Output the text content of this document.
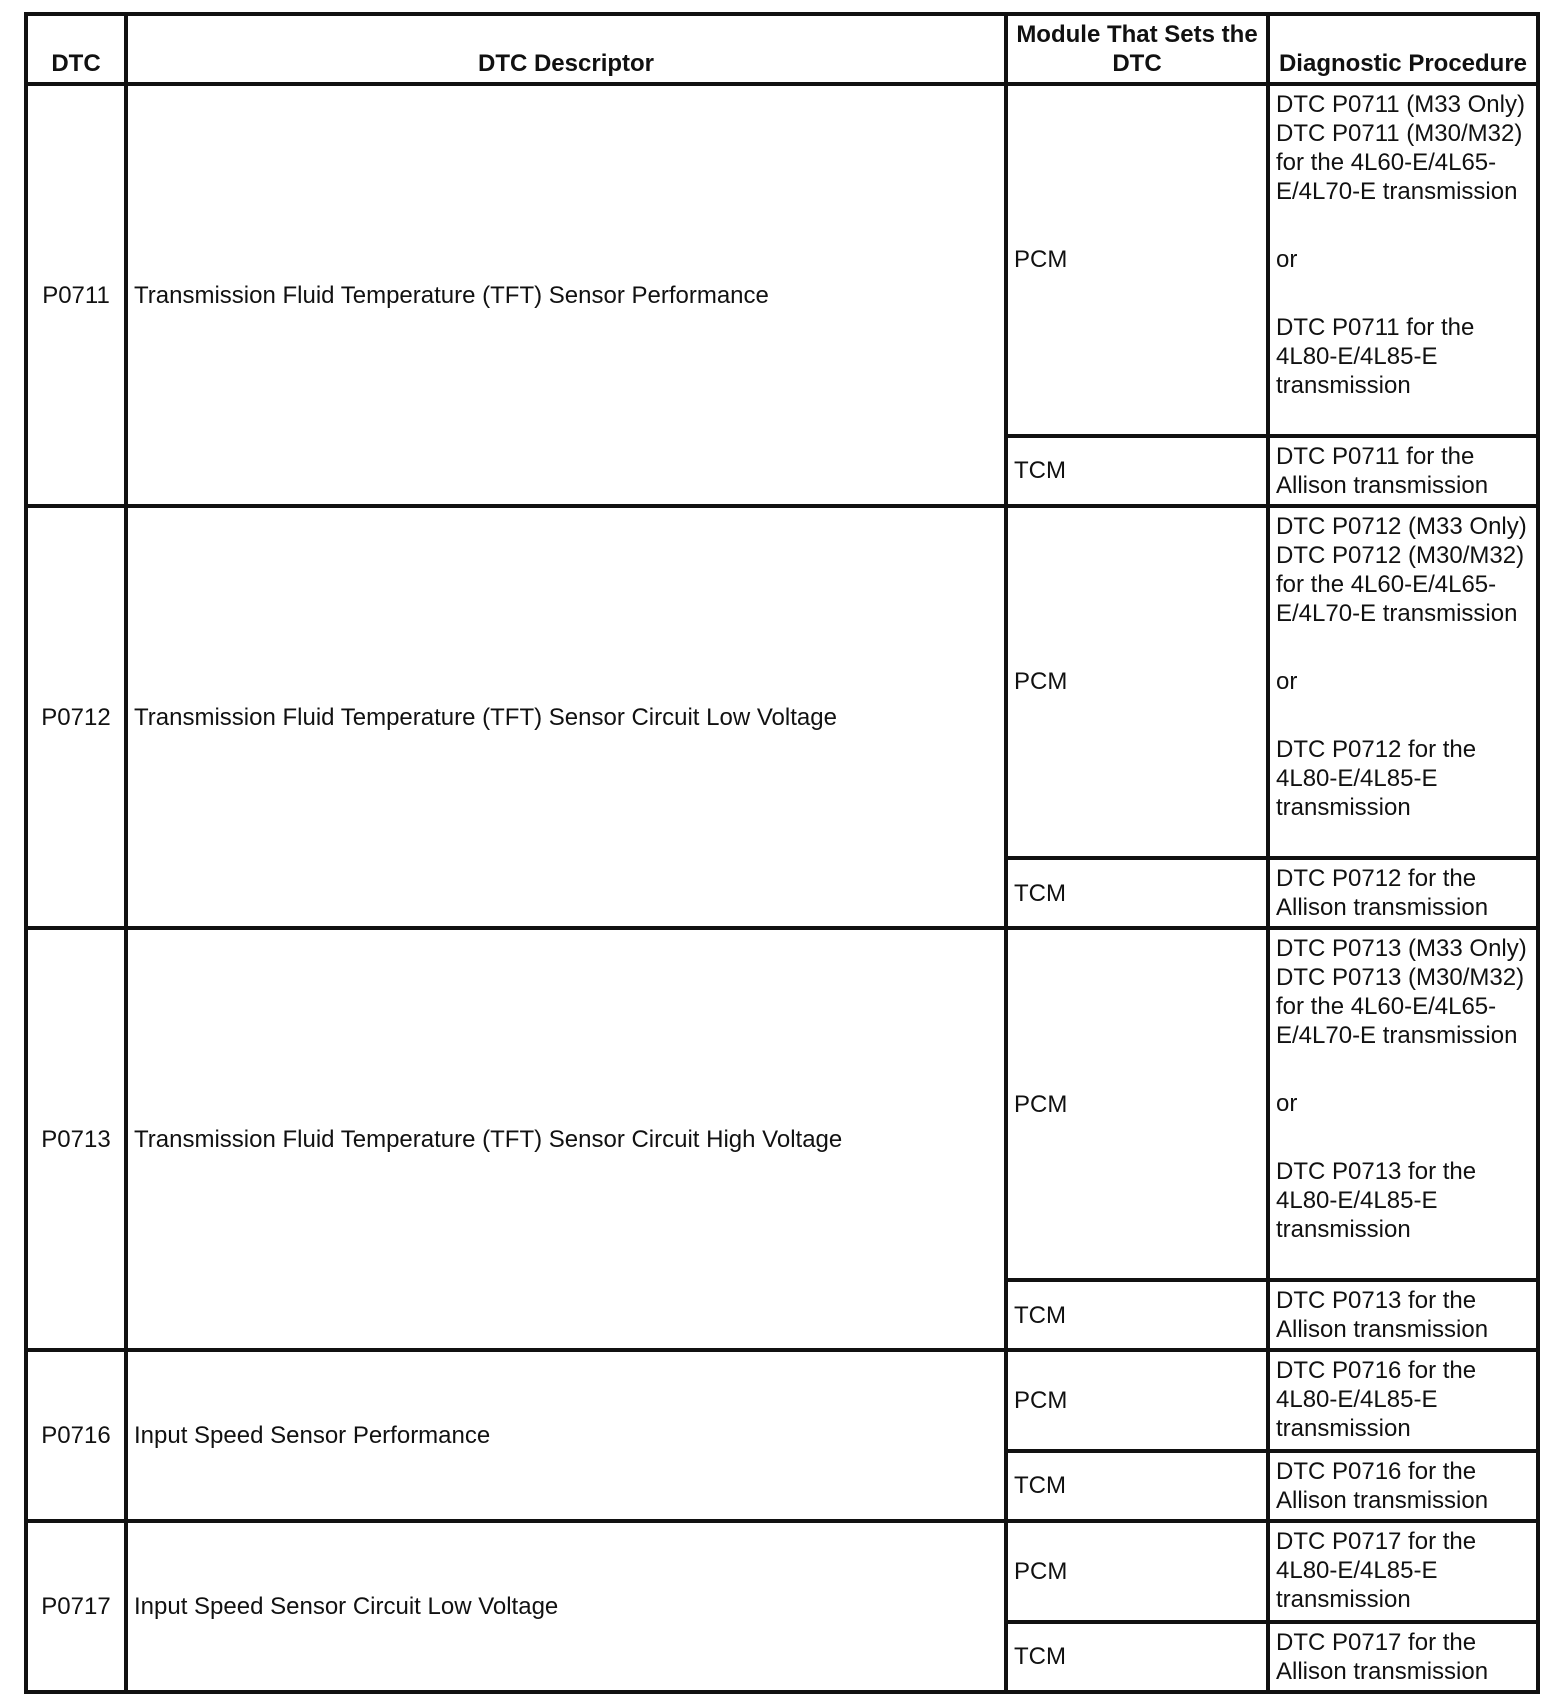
DTC	DTC Descriptor	Module That Sets the DTC	Diagnostic Procedure
P0711	Transmission Fluid Temperature (TFT) Sensor Performance	PCM	DTC P0711 (M33 Only) DTC P0711 (M30/M32) for the 4L60-E/4L65-E/4L70-E transmission
or
DTC P0711 for the 4L80-E/4L85-E transmission

		TCM	DTC P0711 for the Allison transmission
P0712	Transmission Fluid Temperature (TFT) Sensor Circuit Low Voltage	PCM	DTC P0712 (M33 Only) DTC P0712 (M30/M32) for the 4L60-E/4L65-E/4L70-E transmission
or
DTC P0712 for the 4L80-E/4L85-E transmission

		TCM	DTC P0712 for the Allison transmission
P0713	Transmission Fluid Temperature (TFT) Sensor Circuit High Voltage	PCM	DTC P0713 (M33 Only) DTC P0713 (M30/M32) for the 4L60-E/4L65-E/4L70-E transmission
or
DTC P0713 for the 4L80-E/4L85-E transmission

		TCM	DTC P0713 for the Allison transmission
P0716	Input Speed Sensor Performance	PCM	DTC P0716 for the 4L80-E/4L85-E transmission
		TCM	DTC P0716 for the Allison transmission
P0717	Input Speed Sensor Circuit Low Voltage	PCM	DTC P0717 for the 4L80-E/4L85-E transmission
		TCM	DTC P0717 for the Allison transmission
